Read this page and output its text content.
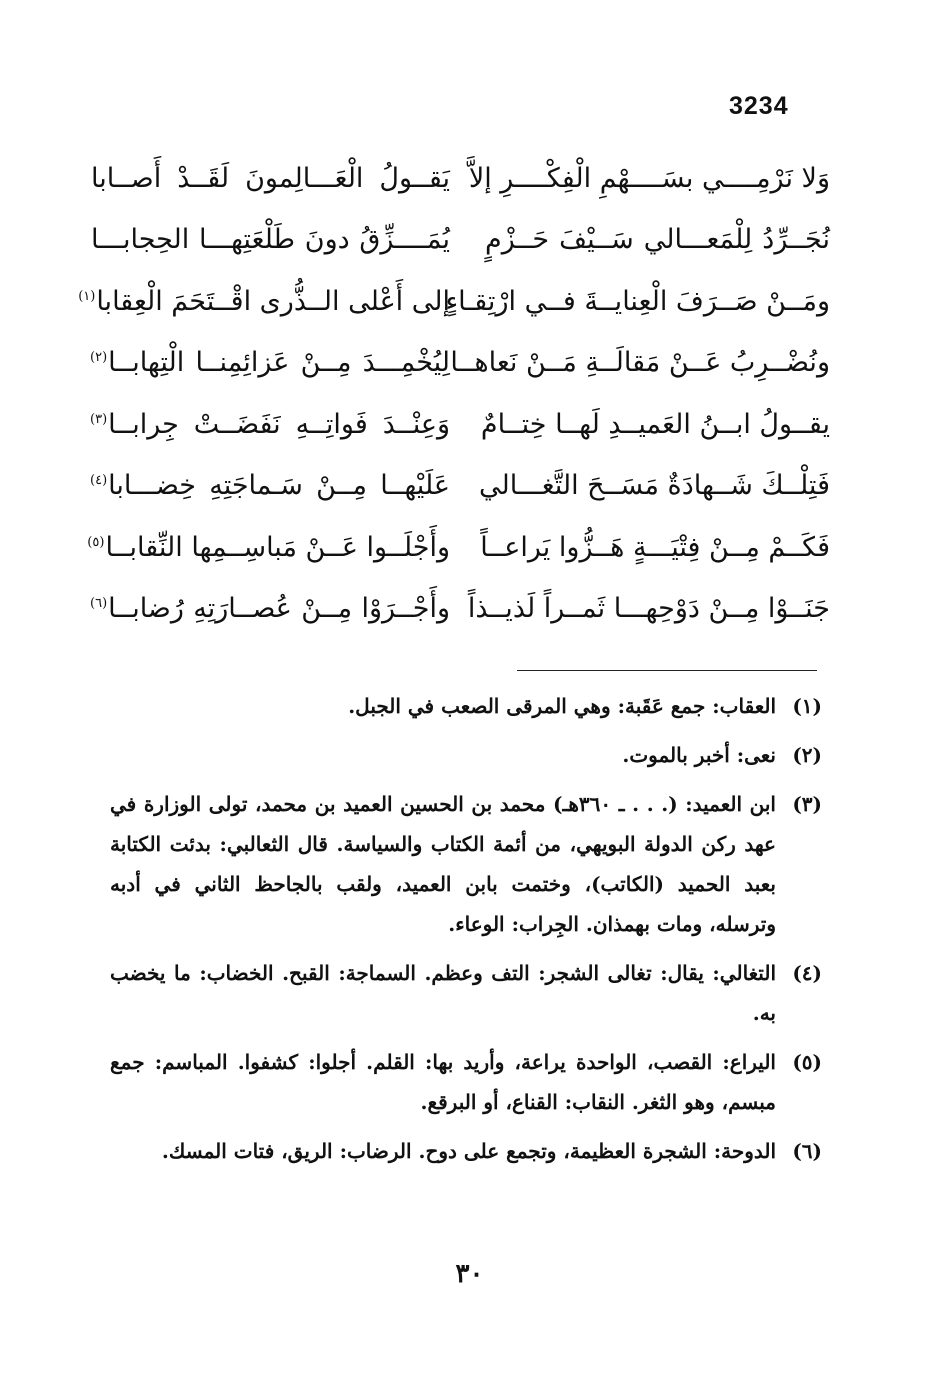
3234
وَلا نَرْمِــــي بسَــــهْمِ الْفِكْــــرِ إلاَّ
يَقــولُ الْعَـــالِمونَ لَقَــدْ أَصــابا
نُجَــرِّدُ لِلْمَعـــالي سَــيْفَ حَــزْمٍ
يُمَــــزِّقُ دونَ طَلْعَتِهـــا الحِجابـــا
ومَــنْ صَــرَفَ الْعِنايــةَ فــي ارْتِقـاءٍ
إلى أَعْلى الــذُّرى اقْــتَحَمَ الْعِقابا$^{(١)}$
ونُضْــرِبُ عَــنْ مَقالَــةِ مَــنْ نَعاهــا
لِيُخْمِـــدَ مِــنْ عَزائِمِنــا الْتِهابــا$^{(٢)}$
يقــولُ ابــنُ العَميــدِ لَهــا خِتــامٌ
وَعِنْــدَ فَواتِــهِ نَفَضَــتْ جِرابــا$^{(٣)}$
فَتِلْــكَ شَــهادَةٌ مَسَــحَ التَّغـــالي
عَلَيْهــا مِــنْ سَـماجَتِهِ خِضـــابا$^{(٤)}$
فَكَــمْ مِــنْ فِتْيَـــةٍ هَــزُّوا يَراعــاً
وأَجْلَــوا عَــنْ مَباسِــمِها النِّقابــا$^{(٥)}$
جَنَــوْا مِــنْ دَوْحِهـــا ثَمــراً لَذيــذاً
وأَجْــرَوْا مِــنْ عُصــارَتِهِ رُضابــا$^{(٦)}$
(١)
العقاب: جمع عَقَبة: وهي المرقى الصعب في الجبل.
(٢)
نعى: أخبر بالموت.
(٣)
ابن العميد: (. . . ـ ٣٦٠هـ) محمد بن الحسين العميد بن محمد، تولى الوزارة في عهد ركن الدولة البويهي، من أئمة الكتاب والسياسة. قال الثعالبي: بدئت الكتابة بعبد الحميد (الكاتب)، وختمت بابن العميد، ولقب بالجاحظ الثاني في أدبه وترسله، ومات بهمذان. الجِراب: الوعاء.
(٤)
التغالي: يقال: تغالى الشجر: التف وعظم. السماجة: القبح. الخضاب: ما يخضب به.
(٥)
اليراع: القصب، الواحدة يراعة، وأريد بها: القلم. أجلوا: كشفوا. المباسم: جمع مبسم، وهو الثغر. النقاب: القناع، أو البرقع.
(٦)
الدوحة: الشجرة العظيمة، وتجمع على دوح. الرضاب: الريق، فتات المسك.
٣٠
